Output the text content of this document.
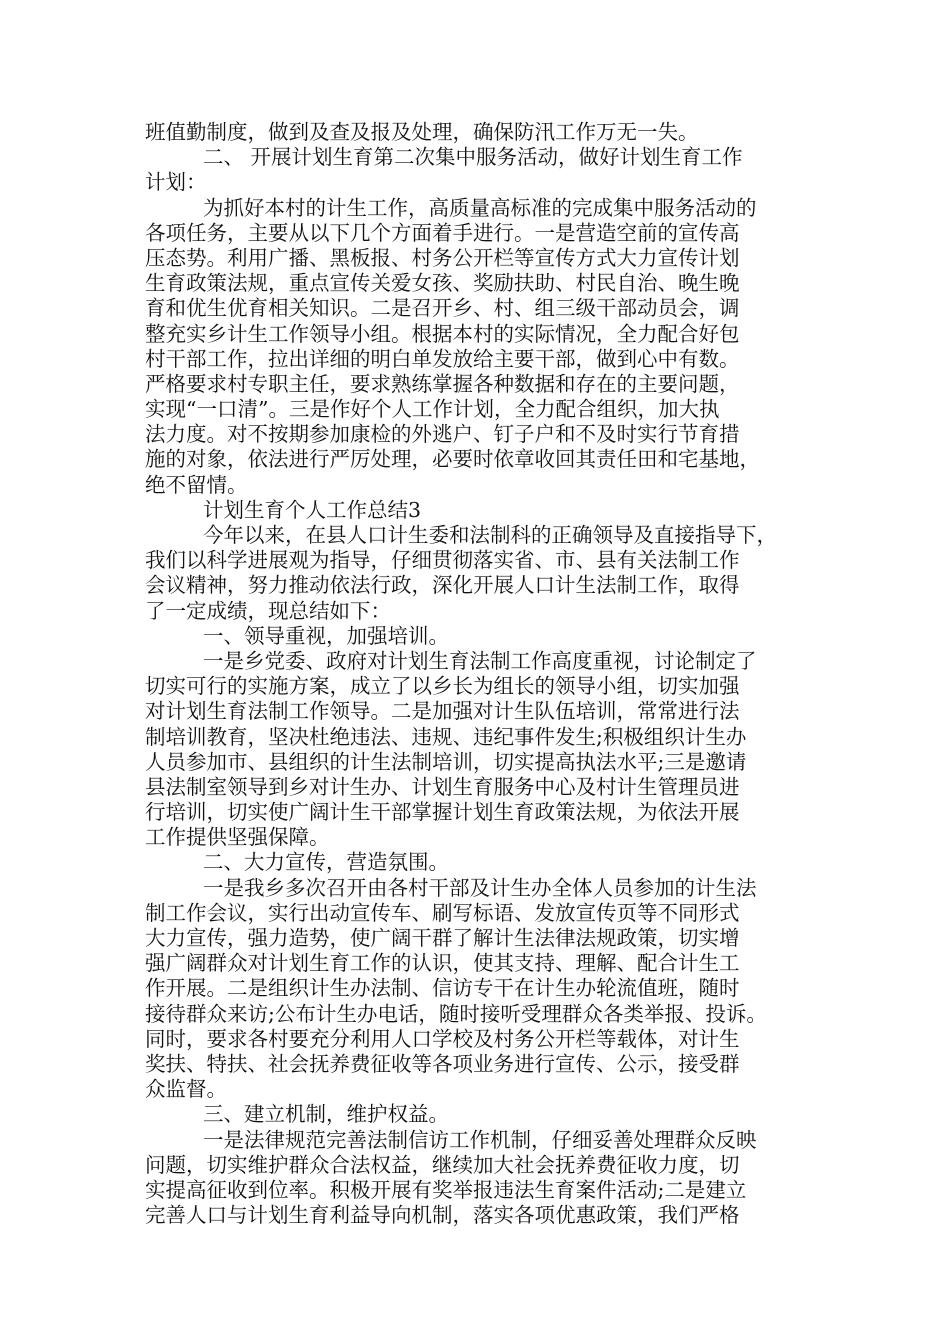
班值勤制度，做到及查及报及处理，确保防汛工作万无一失。
二、 开展计划生育第二次集中服务活动，做好计划生育工作
计划：
为抓好本村的计生工作，高质量高标准的完成集中服务活动的
各项任务，主要从以下几个方面着手进行。一是营造空前的宣传高
压态势。利用广播、黑板报、村务公开栏等宣传方式大力宣传计划
生育政策法规，重点宣传关爱女孩、奖励扶助、村民自治、晚生晚
育和优生优育相关知识。二是召开乡、村、组三级干部动员会，调
整充实乡计生工作领导小组。根据本村的实际情况，全力配合好包
村干部工作，拉出详细的明白单发放给主要干部，做到心中有数。
严格要求村专职主任，要求熟练掌握各种数据和存在的主要问题，
实现“一口清”。三是作好个人工作计划，全力配合组织，加大执
法力度。对不按期参加康检的外逃户、钉子户和不及时实行节育措
施的对象，依法进行严厉处理，必要时依章收回其责任田和宅基地，
绝不留情。
计划生育个人工作总结3
今年以来，在县人口计生委和法制科的正确领导及直接指导下，
我们以科学进展观为指导，仔细贯彻落实省、市、县有关法制工作
会议精神，努力推动依法行政，深化开展人口计生法制工作，取得
了一定成绩，现总结如下：
一、领导重视，加强培训。
一是乡党委、政府对计划生育法制工作高度重视，讨论制定了
切实可行的实施方案，成立了以乡长为组长的领导小组，切实加强
对计划生育法制工作领导。二是加强对计生队伍培训，常常进行法
制培训教育，坚决杜绝违法、违规、违纪事件发生;积极组织计生办
人员参加市、县组织的计生法制培训，切实提高执法水平;三是邀请
县法制室领导到乡对计生办、计划生育服务中心及村计生管理员进
行培训，切实使广阔计生干部掌握计划生育政策法规，为依法开展
工作提供坚强保障。
二、大力宣传，营造氛围。
一是我乡多次召开由各村干部及计生办全体人员参加的计生法
制工作会议，实行出动宣传车、刷写标语、发放宣传页等不同形式
大力宣传，强力造势，使广阔干群了解计生法律法规政策，切实增
强广阔群众对计划生育工作的认识，使其支持、理解、配合计生工
作开展。二是组织计生办法制、信访专干在计生办轮流值班，随时
接待群众来访;公布计生办电话，随时接听受理群众各类举报、投诉。
同时，要求各村要充分利用人口学校及村务公开栏等载体，对计生
奖扶、特扶、社会抚养费征收等各项业务进行宣传、公示，接受群
众监督。
三、建立机制，维护权益。
一是法律规范完善法制信访工作机制，仔细妥善处理群众反映
问题，切实维护群众合法权益，继续加大社会抚养费征收力度，切
实提高征收到位率。积极开展有奖举报违法生育案件活动;二是建立
完善人口与计划生育利益导向机制，落实各项优惠政策，我们严格
